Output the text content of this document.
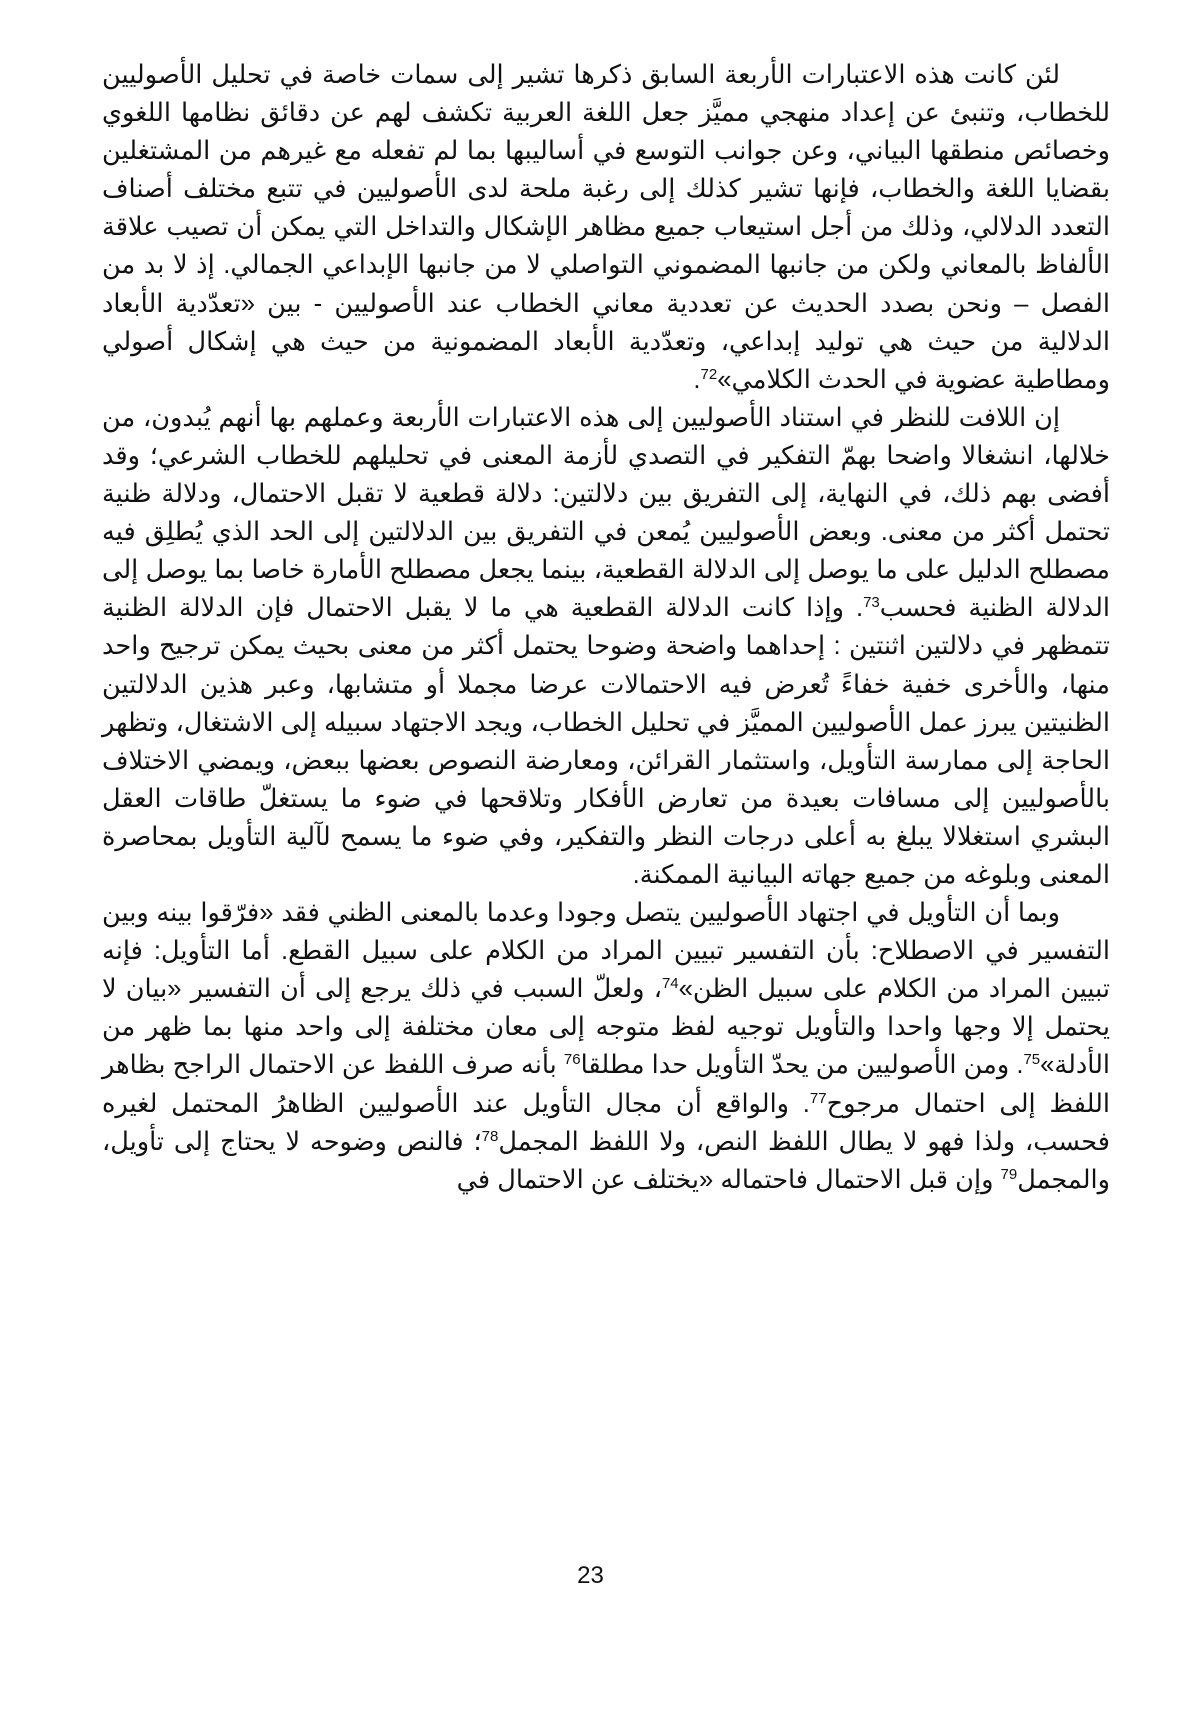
لئن كانت هذه الاعتبارات الأربعة السابق ذكرها تشير إلى سمات خاصة في تحليل الأصوليين للخطاب، وتنبئ عن إعداد منهجي مميَّز جعل اللغة العربية تكشف لهم عن دقائق نظامها اللغوي وخصائص منطقها البياني، وعن جوانب التوسع في أساليبها بما لم تفعله مع غيرهم من المشتغلين بقضايا اللغة والخطاب، فإنها تشير كذلك إلى رغبة ملحة لدى الأصوليين في تتبع مختلف أصناف التعدد الدلالي، وذلك من أجل استيعاب جميع مظاهر الإشكال والتداخل التي يمكن أن تصيب علاقة الألفاظ بالمعاني ولكن من جانبها المضموني التواصلي لا من جانبها الإبداعي الجمالي. إذ لا بد من الفصل – ونحن بصدد الحديث عن تعددية معاني الخطاب عند الأصوليين - بين «تعدّدية الأبعاد الدلالية من حيث هي توليد إبداعي، وتعدّدية الأبعاد المضمونية من حيث هي إشكال أصولي ومطاطية عضوية في الحدث الكلامي»$^{72}$.

إن اللافت للنظر في استناد الأصوليين إلى هذه الاعتبارات الأربعة وعملهم بها أنهم يُبدون، من خلالها، انشغالا واضحا بهمّ التفكير في التصدي لأزمة المعنى في تحليلهم للخطاب الشرعي؛ وقد أفضى بهم ذلك، في النهاية، إلى التفريق بين دلالتين: دلالة قطعية لا تقبل الاحتمال، ودلالة ظنية تحتمل أكثر من معنى. وبعض الأصوليين يُمعن في التفريق بين الدلالتين إلى الحد الذي يُطلِق فيه مصطلح الدليل على ما يوصل إلى الدلالة القطعية، بينما يجعل مصطلح الأمارة خاصا بما يوصل إلى الدلالة الظنية فحسب$^{73}$. وإذا كانت الدلالة القطعية هي ما لا يقبل الاحتمال فإن الدلالة الظنية تتمظهر في دلالتين اثنتين : إحداهما واضحة وضوحا يحتمل أكثر من معنى بحيث يمكن ترجيح واحد منها، والأخرى خفية خفاءً تُعرض فيه الاحتمالات عرضا مجملا أو متشابها، وعبر هذين الدلالتين الظنيتين يبرز عمل الأصوليين المميَّز في تحليل الخطاب، ويجد الاجتهاد سبيله إلى الاشتغال، وتظهر الحاجة إلى ممارسة التأويل، واستثمار القرائن، ومعارضة النصوص بعضها ببعض، ويمضي الاختلاف بالأصوليين إلى مسافات بعيدة من تعارض الأفكار وتلاقحها في ضوء ما يستغلّ طاقات العقل البشري استغلالا يبلغ به أعلى درجات النظر والتفكير، وفي ضوء ما يسمح لآلية التأويل بمحاصرة المعنى وبلوغه من جميع جهاته البيانية الممكنة.

وبما أن التأويل في اجتهاد الأصوليين يتصل وجودا وعدما بالمعنى الظني فقد «فرّقوا بينه وبين التفسير في الاصطلاح: بأن التفسير تبيين المراد من الكلام على سبيل القطع. أما التأويل: فإنه تبيين المراد من الكلام على سبيل الظن»$^{74}$، ولعلّ السبب في ذلك يرجع إلى أن التفسير «بيان لا يحتمل إلا وجها واحدا والتأويل توجيه لفظ متوجه إلى معان مختلفة إلى واحد منها بما ظهر من الأدلة»$^{75}$. ومن الأصوليين من يحدّ التأويل حدا مطلقا$^{76}$ بأنه صرف اللفظ عن الاحتمال الراجح بظاهر اللفظ إلى احتمال مرجوح$^{77}$. والواقع أن مجال التأويل عند الأصوليين الظاهرُ المحتمل لغيره فحسب، ولذا فهو لا يطال اللفظ النص، ولا اللفظ المجمل$^{78}$؛ فالنص وضوحه لا يحتاج إلى تأويل، والمجمل$^{79}$ وإن قبل الاحتمال فاحتماله «يختلف عن الاحتمال في

23
